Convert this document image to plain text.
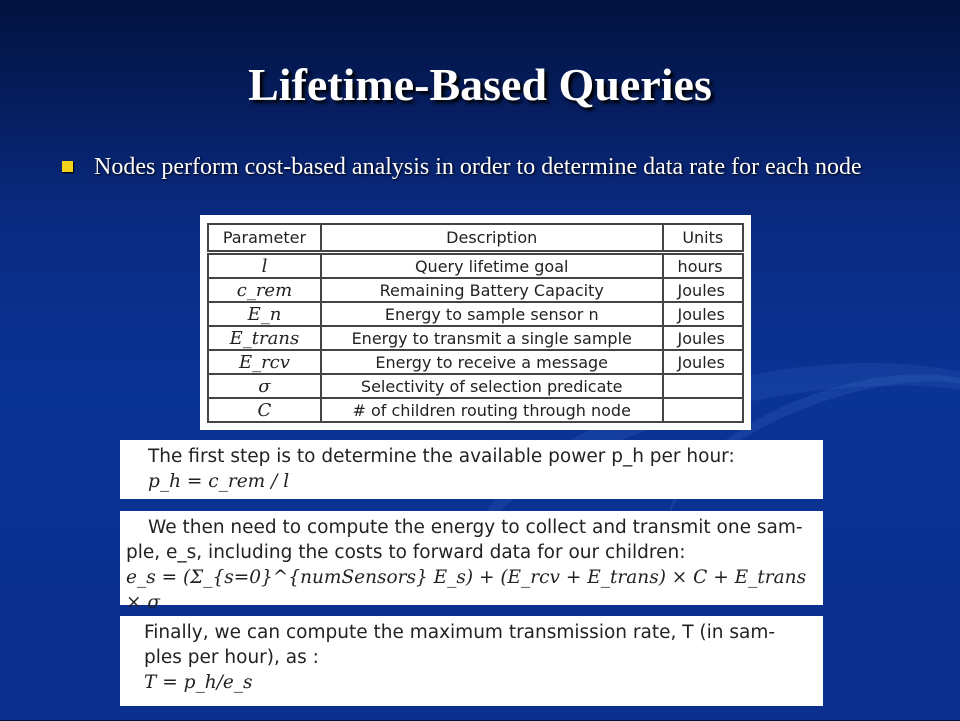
Lifetime-Based Queries
Nodes perform cost-based analysis in order to determine data rate for each node
Parameter	Description	Units
l	Query lifetime goal	hours
c_rem	Remaining Battery Capacity	Joules
E_n	Energy to sample sensor n	Joules
E_trans	Energy to transmit a single sample	Joules
E_rcv	Energy to receive a message	Joules
σ	Selectivity of selection predicate	
C	# of children routing through node	
The first step is to determine the available power p_h per hour:
p_h = c_rem / l
We then need to compute the energy to collect and transmit one sam-
ple, e_s, including the costs to forward data for our children:
e_s = (Σ_{s=0}^{numSensors} E_s) + (E_rcv + E_trans) × C + E_trans × σ
Finally, we can compute the maximum transmission rate, T (in sam-
ples per hour), as :
T = p_h/e_s
